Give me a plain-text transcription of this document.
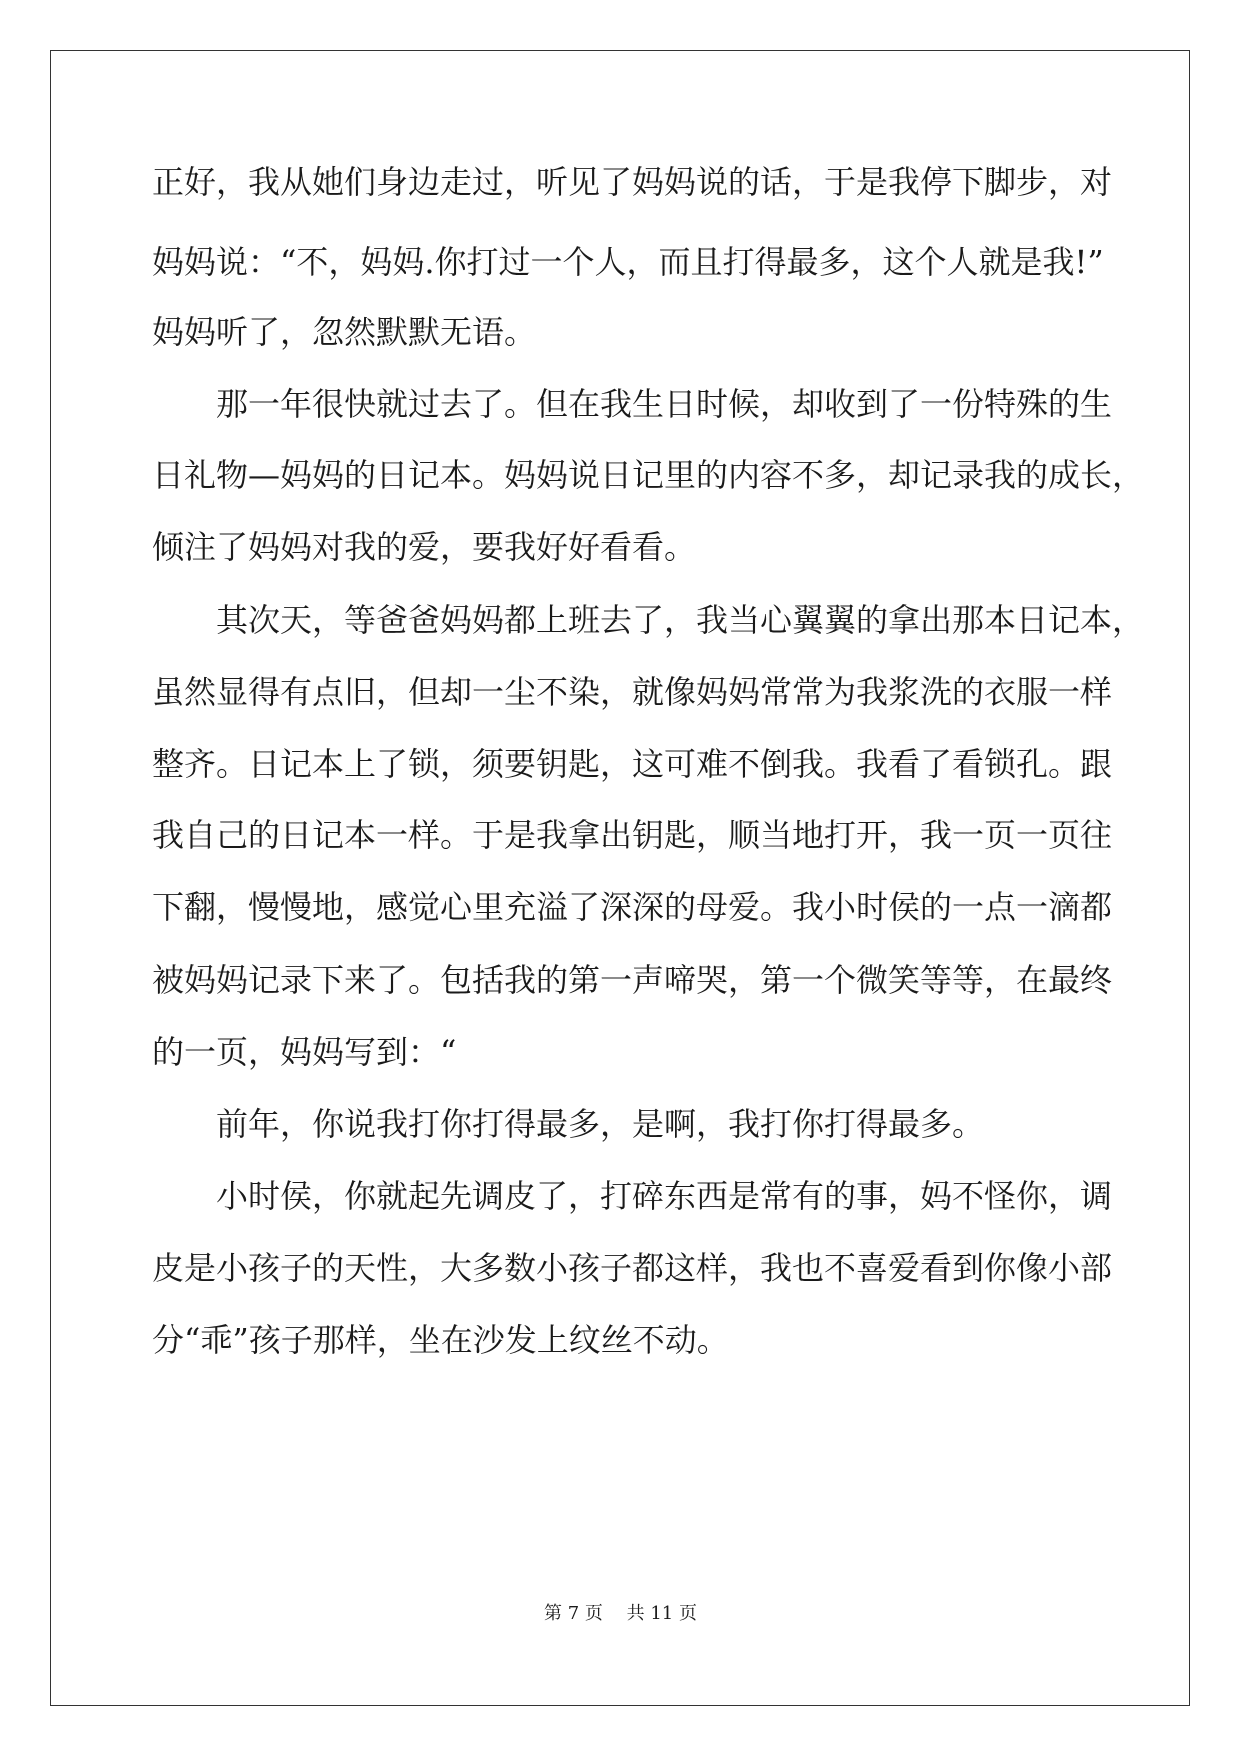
正好，我从她们身边走过，听见了妈妈说的话，于是我停下脚步，对
妈妈说：“不，妈妈.你打过一个人，而且打得最多，这个人就是我!”
妈妈听了，忽然默默无语。
　　那一年很快就过去了。但在我生日时候，却收到了一份特殊的生
日礼物—妈妈的日记本。妈妈说日记里的内容不多，却记录我的成长，
倾注了妈妈对我的爱，要我好好看看。
　　其次天，等爸爸妈妈都上班去了，我当心翼翼的拿出那本日记本，
虽然显得有点旧，但却一尘不染，就像妈妈常常为我浆洗的衣服一样
整齐。日记本上了锁，须要钥匙，这可难不倒我。我看了看锁孔。跟
我自己的日记本一样。于是我拿出钥匙，顺当地打开，我一页一页往
下翻，慢慢地，感觉心里充溢了深深的母爱。我小时侯的一点一滴都
被妈妈记录下来了。包括我的第一声啼哭，第一个微笑等等，在最终
的一页，妈妈写到：“
　　前年，你说我打你打得最多，是啊，我打你打得最多。
　　小时侯，你就起先调皮了，打碎东西是常有的事，妈不怪你，调
皮是小孩子的天性，大多数小孩子都这样，我也不喜爱看到你像小部
分“乖”孩子那样，坐在沙发上纹丝不动。
第 7 页　 共 11 页
